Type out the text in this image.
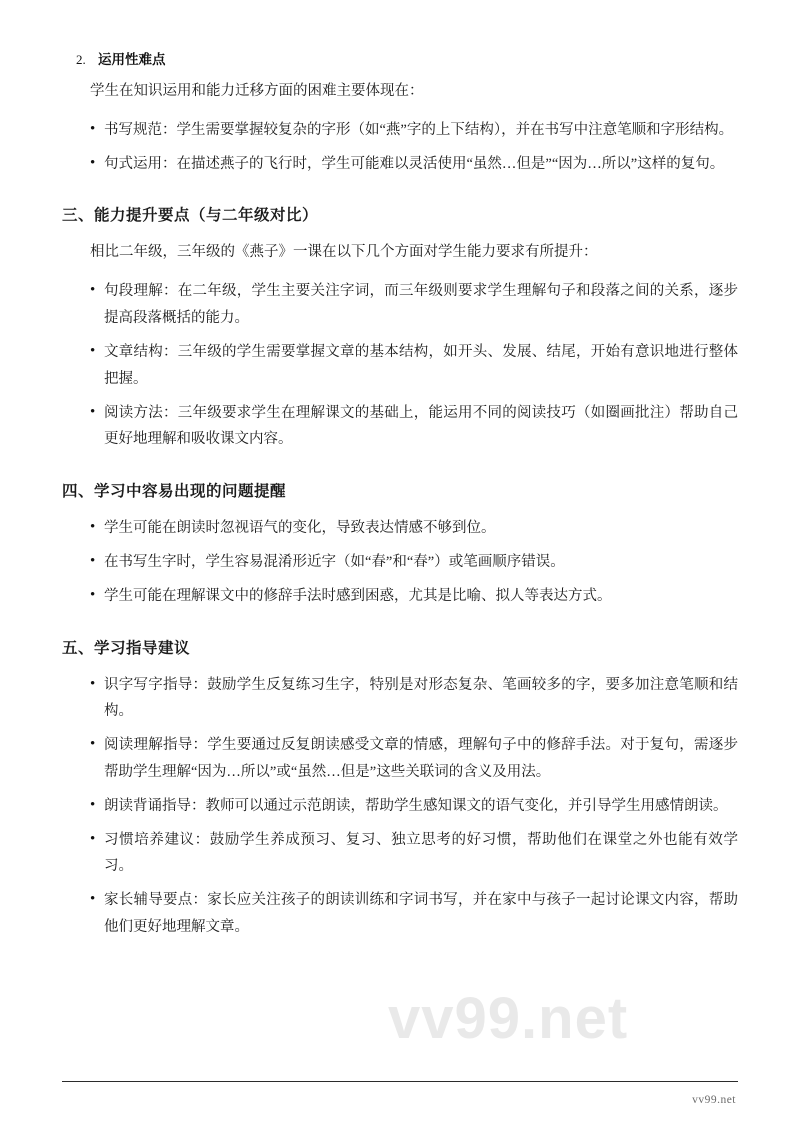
vv99.net
2. 运用性难点

学生在知识运用和能力迁移方面的困难主要体现在：

• 书写规范：学生需要掌握较复杂的字形（如“燕”字的上下结构），并在书写中注意笔顺和字形结构。
• 句式运用：在描述燕子的飞行时，学生可能难以灵活使用“虽然…但是”“因为…所以”这样的复句。
三、能力提升要点（与二年级对比）

相比二年级，三年级的《燕子》一课在以下几个方面对学生能力要求有所提升：

• 句段理解：在二年级，学生主要关注字词，而三年级则要求学生理解句子和段落之间的关系，逐步提高段落概括的能力。
• 文章结构：三年级的学生需要掌握文章的基本结构，如开头、发展、结尾，开始有意识地进行整体把握。
• 阅读方法：三年级要求学生在理解课文的基础上，能运用不同的阅读技巧（如圈画批注）帮助自己更好地理解和吸收课文内容。
四、学习中容易出现的问题提醒
• 学生可能在朗读时忽视语气的变化，导致表达情感不够到位。
• 在书写生字时，学生容易混淆形近字（如“春”和“春”）或笔画顺序错误。
• 学生可能在理解课文中的修辞手法时感到困惑，尤其是比喻、拟人等表达方式。
五、学习指导建议
• 识字写字指导：鼓励学生反复练习生字，特别是对形态复杂、笔画较多的字，要多加注意笔顺和结构。
• 阅读理解指导：学生要通过反复朗读感受文章的情感，理解句子中的修辞手法。对于复句，需逐步帮助学生理解“因为…所以”或“虽然…但是”这些关联词的含义及用法。
• 朗读背诵指导：教师可以通过示范朗读，帮助学生感知课文的语气变化，并引导学生用感情朗读。
• 习惯培养建议：鼓励学生养成预习、复习、独立思考的好习惯，帮助他们在课堂之外也能有效学习。
• 家长辅导要点：家长应关注孩子的朗读训练和字词书写，并在家中与孩子一起讨论课文内容，帮助他们更好地理解文章。
vv99.net
